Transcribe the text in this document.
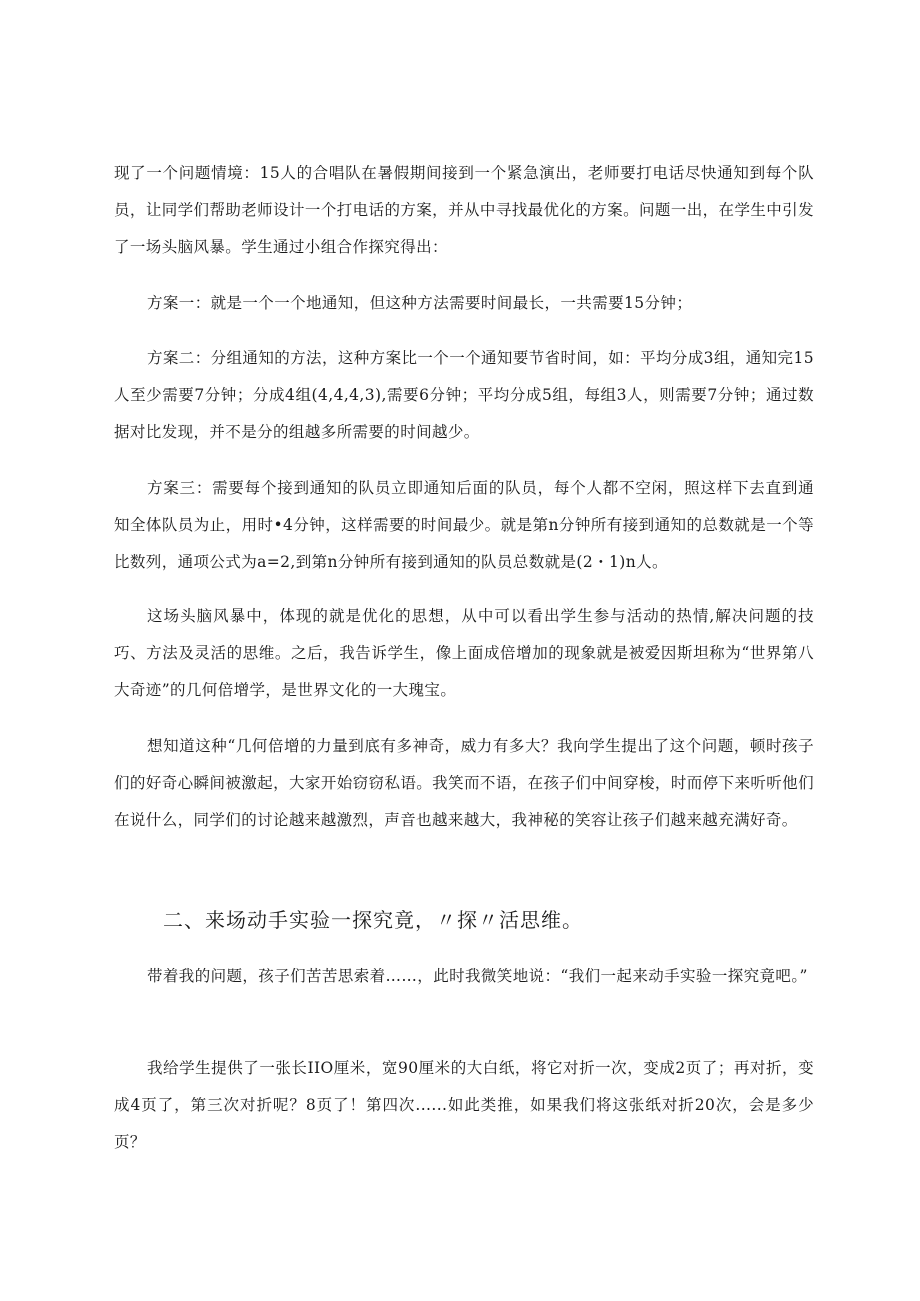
现了一个问题情境：15人的合唱队在暑假期间接到一个紧急演出，老师要打电话尽快通知到每个队员，让同学们帮助老师设计一个打电话的方案，并从中寻找最优化的方案。问题一出，在学生中引发了一场头脑风暴。学生通过小组合作探究得出：

方案一：就是一个一个地通知，但这种方法需要时间最长，一共需要15分钟；

方案二：分组通知的方法，这种方案比一个一个通知要节省时间，如：平均分成3组，通知完15人至少需要7分钟；分成4组(4,4,4,3),需要6分钟；平均分成5组，每组3人，则需要7分钟；通过数据对比发现，并不是分的组越多所需要的时间越少。

方案三：需要每个接到通知的队员立即通知后面的队员，每个人都不空闲，照这样下去直到通知全体队员为止，用时•4分钟，这样需要的时间最少。就是第n分钟所有接到通知的总数就是一个等比数列，通项公式为a=2,到第n分钟所有接到通知的队员总数就是(2・1)n人。

这场头脑风暴中，体现的就是优化的思想，从中可以看出学生参与活动的热情,解决问题的技巧、方法及灵活的思维。之后，我告诉学生，像上面成倍增加的现象就是被爱因斯坦称为“世界第八大奇迹”的几何倍增学，是世界文化的一大瑰宝。

想知道这种“几何倍增的力量到底有多神奇，威力有多大？我向学生提出了这个问题，顿时孩子们的好奇心瞬间被激起，大家开始窃窃私语。我笑而不语，在孩子们中间穿梭，时而停下来听听他们在说什么，同学们的讨论越来越激烈，声音也越来越大，我神秘的笑容让孩子们越来越充满好奇。

二、来场动手实验一探究竟，〃探〃活思维。

带着我的问题，孩子们苦苦思索着……，此时我微笑地说：“我们一起来动手实验一探究竟吧。”

我给学生提供了一张长IIO厘米，宽90厘米的大白纸，将它对折一次，变成2页了；再对折，变成4页了，第三次对折呢？8页了！第四次......如此类推，如果我们将这张纸对折20次，会是多少页？
